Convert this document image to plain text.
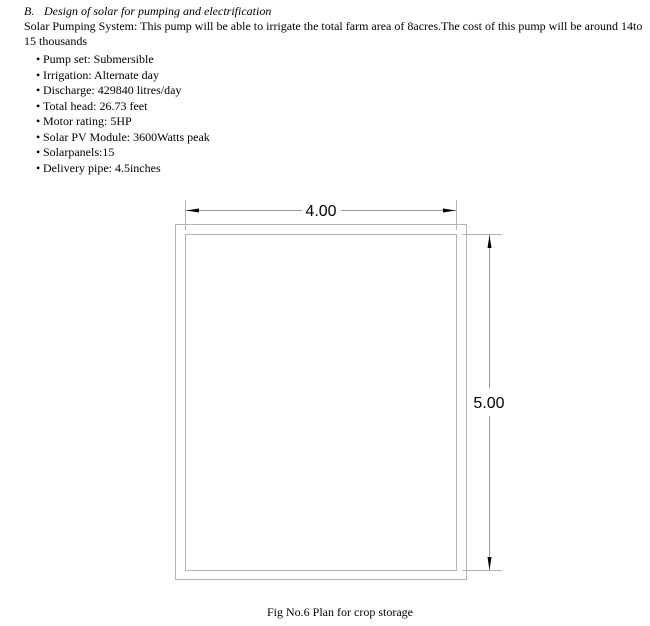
B. Design of solar for pumping and electrification
Solar Pumping System: This pump will be able to irrigate the total farm area of 8acres.The cost of this pump will be around 14to 15 thousands
• Pump set: Submersible
• Irrigation: Alternate day
• Discharge: 429840 litres/day
• Total head: 26.73 feet
• Motor rating: 5HP
• Solar PV Module: 3600Watts peak
• Solarpanels:15
• Delivery pipe: 4.5inches
4.00
5.00
Fig No.6 Plan for crop storage
